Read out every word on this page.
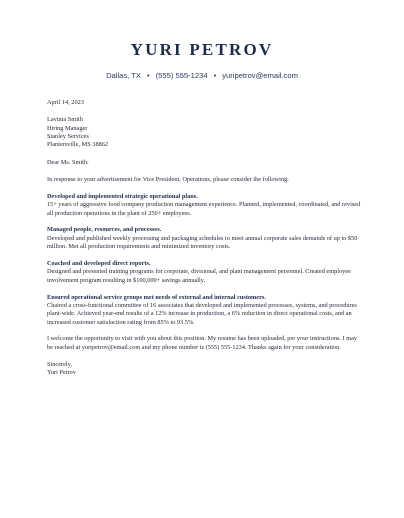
YURI PETROV
Dallas, TX • (555) 555-1234 • yuripetrov@email.com

April 14, 2023

Lavinia Smith

Hiring Manager

Stanley Services

Plantersville, MS 38862

Dear Ms. Smith:

In response to your advertisement for Vice President, Operations, please consider the following:

Developed and implemented strategic operational plans.

15+ years of aggressive food company production management experience. Planned, implemented, coordinated, and revised all production operations in the plant of 250+ employees.

Managed people, resources, and processes.

Developed and published weekly processing and packaging schedules to meet annual corporate sales demands of up to $50 million. Met all production requirements and minimized inventory costs.

Coached and developed direct reports.

Designed and presented training programs for corporate, divisional, and plant management personnel. Created employee involvement program resulting in $100,000+ savings annually.

Ensured operational service groups met needs of external and internal customers.

Chaired a cross-functional committee of 16 associates that developed and implemented processes, systems, and procedures plant-wide. Achieved year-end results of a 12% increase in production, a 6% reduction in direct operational costs, and an increased customer satisfaction rating from 85% to 93.5%.

I welcome the opportunity to visit with you about this position. My resume has been uploaded, per your instructions. I may be reached at yuripetrov@email.com and my phone number is (555) 555-1234. Thanks again for your consideration.

Sincerely,

Yuri Petrov
